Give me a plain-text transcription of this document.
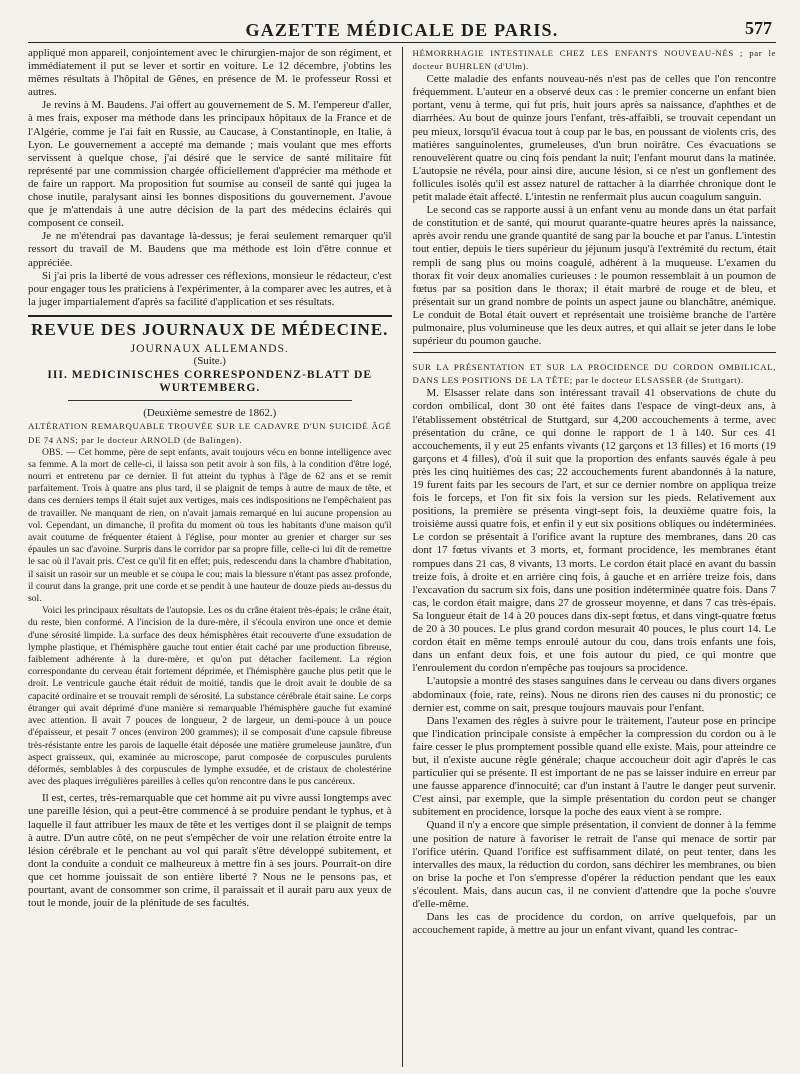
GAZETTE MÉDICALE DE PARIS.	577

appliqué mon appareil, conjointement avec le chirurgien-major de son régiment, et immédiatement il put se lever et sortir en voiture. Le 12 décembre, j'obtins les mêmes résultats à l'hôpital de Gênes, en présence de M. le professeur Rossi et autres.

Je revins à M. Baudens. J'ai offert au gouvernement de S. M. l'empereur d'aller, à mes frais, exposer ma méthode dans les principaux hôpitaux de la France et de l'Algérie, comme je l'ai fait en Russie, au Caucase, à Constantinople, en Italie, à Lyon. Le gouvernement a accepté ma demande ; mais voulant que mes efforts servissent à quelque chose, j'ai désiré que le service de santé militaire fût représenté par une commission chargée officiellement d'apprécier ma méthode et de faire un rapport. Ma proposition fut soumise au conseil de santé qui jugea la chose inutile, paralysant ainsi les bonnes dispositions du gouvernement. J'avoue que je m'attendais à une autre décision de la part des médecins éclairés qui composent ce conseil.

Je ne m'étendrai pas davantage là-dessus; je ferai seulement remarquer qu'il ressort du travail de M. Baudens que ma méthode est loin d'être connue et appréciée.

Si j'ai pris la liberté de vous adresser ces réflexions, monsieur le rédacteur, c'est pour engager tous les praticiens à l'expérimenter, à la comparer avec les autres, et à la juger impartialement d'après sa facilité d'application et ses résultats.

REVUE DES JOURNAUX DE MÉDECINE.

JOURNAUX ALLEMANDS.

(Suite.)

III. MEDICINISCHES CORRESPONDENZ-BLATT DE WURTEMBERG.

(Deuxième semestre de 1862.)

ALTÉRATION REMARQUABLE TROUVÉE SUR LE CADAVRE D'UN SUICIDÉ ÂGÉ DE 74 ANS; par le docteur ARNOLD (de Balingen).

OBS. — Cet homme, père de sept enfants, avait toujours vécu en bonne intelligence avec sa femme. A la mort de celle-ci, il laissa son petit avoir à son fils, à la condition d'être logé, nourri et entretenu par ce dernier. Il fut atteint du typhus à l'âge de 62 ans et se remit parfaitement. Trois à quatre ans plus tard, il se plaignit de temps à autre de maux de tête, et dans ces derniers temps il était sujet aux vertiges, mais ces indispositions ne l'empêchaient pas de travailler. Ne manquant de rien, on n'avait jamais remarqué en lui aucune propension au vol. Cependant, un dimanche, il profita du moment où tous les habitants d'une maison qu'il avait coutume de fréquenter étaient à l'église, pour monter au grenier et charger sur ses épaules un sac d'avoine. Surpris dans le corridor par sa propre fille, celle-ci lui dit de remettre le sac où il l'avait pris. C'est ce qu'il fit en effet; puis, redescendu dans la chambre d'habitation, il saisit un rasoir sur un meuble et se coupa le cou; mais la blessure n'étant pas assez profonde, il courut dans la grange, prit une corde et se pendit à une hauteur de douze pieds au-dessus du sol.

Voici les principaux résultats de l'autopsie. Les os du crâne étaient très-épais; le crâne était, du reste, bien conformé. A l'incision de la dure-mère, il s'écoula environ une once et demie d'une sérosité limpide. La surface des deux hémisphères était recouverte d'une exsudation de lymphe plastique, et l'hémisphère gauche tout entier était caché par une production fibreuse, faiblement adhérente à la dure-mère, et qu'on put détacher facilement. La région correspondante du cerveau était fortement déprimée, et l'hémisphère gauche plus petit que le droit. Le ventricule gauche était réduit de moitié, tandis que le droit avait le double de sa capacité ordinaire et se trouvait rempli de sérosité. La substance cérébrale était saine. Le corps étranger qui avait déprimé d'une manière si remarquable l'hémisphère gauche fut examiné avec attention. Il avait 7 pouces de longueur, 2 de largeur, un demi-pouce à un pouce d'épaisseur, et pesait 7 onces (environ 200 grammes); il se composait d'une capsule fibreuse très-résistante entre les parois de laquelle était déposée une matière grumeleuse jaunâtre, d'un aspect graisseux, qui, examinée au microscope, parut composée de corpuscules purulents déformés, semblables à des corpuscules de lymphe exsudée, et de cristaux de cholestérine avec des plaques irrégulières pareilles à celles qu'on rencontre dans le pus cancéreux.

Il est, certes, très-remarquable que cet homme ait pu vivre aussi longtemps avec une pareille lésion, qui a peut-être commencé à se produire pendant le typhus, et à laquelle il faut attribuer les maux de tête et les vertiges dont il se plaignit de temps à autre. D'un autre côté, on ne peut s'empêcher de voir une relation étroite entre la lésion cérébrale et le penchant au vol qui paraît s'être développé subitement, et dont la conduite a conduit ce malheureux à mettre fin à ses jours. Pourrait-on dire que cet homme jouissait de son entière liberté ? Nous ne le pensons pas, et pourtant, avant de consommer son crime, il paraissait et il aurait paru aux yeux de tout le monde, jouir de la plénitude de ses facultés.

HÉMORRHAGIE INTESTINALE CHEZ LES ENFANTS NOUVEAU-NÉS ; par le docteur BUHRLEN (d'Ulm).

Cette maladie des enfants nouveau-nés n'est pas de celles que l'on rencontre fréquemment. L'auteur en a observé deux cas : le premier concerne un enfant bien portant, venu à terme, qui fut pris, huit jours après sa naissance, d'aphthes et de diarrhées. Au bout de quinze jours l'enfant, très-affaibli, se trouvait cependant un peu mieux, lorsqu'il évacua tout à coup par le bas, en poussant de violents cris, des matières sanguinolentes, grumeleuses, d'un brun noirâtre. Ces évacuations se renouvelèrent quatre ou cinq fois pendant la nuit; l'enfant mourut dans la matinée. L'autopsie ne révéla, pour ainsi dire, aucune lésion, si ce n'est un gonflement des follicules isolés qu'il est assez naturel de rattacher à la diarrhée chronique dont le petit malade était affecté. L'intestin ne renfermait plus aucun coagulum sanguin.

Le second cas se rapporte aussi à un enfant venu au monde dans un état parfait de constitution et de santé, qui mourut quarante-quatre heures après la naissance, après avoir rendu une grande quantité de sang par la bouche et par l'anus. L'intestin tout entier, depuis le tiers supérieur du jéjunum jusqu'à l'extrémité du rectum, était rempli de sang plus ou moins coagulé, adhérent à la muqueuse. L'examen du thorax fit voir deux anomalies curieuses : le poumon ressemblait à un poumon de fœtus par sa position dans le thorax; il était marbré de rouge et de bleu, et présentait sur un grand nombre de points un aspect jaune ou blanchâtre, anémique. Le conduit de Botal était ouvert et représentait une troisième branche de l'artère pulmonaire, plus volumineuse que les deux autres, et qui allait se jeter dans le lobe supérieur du poumon gauche.

SUR LA PRÉSENTATION ET SUR LA PROCIDENCE DU CORDON OMBILICAL, DANS LES POSITIONS DE LA TÊTE; par le docteur ELSASSER (de Stuttgart).

M. Elsasser relate dans son intéressant travail 41 observations de chute du cordon ombilical, dont 30 ont été faites dans l'espace de vingt-deux ans, à l'établissement obstétrical de Stuttgard, sur 4,200 accouchements à terme, avec présentation du crâne, ce qui donne le rapport de 1 à 140. Sur ces 41 accouchements, il y eut 25 enfants vivants (12 garçons et 13 filles) et 16 morts (19 garçons et 4 filles), d'où il suit que la proportion des enfants sauvés égale à peu près les cinq huitièmes des cas; 22 accouchements furent abandonnés à la nature, 19 furent faits par les secours de l'art, et sur ce dernier nombre on appliqua treize fois le forceps, et l'on fit six fois la version sur les pieds. Relativement aux positions, la première se présenta vingt-sept fois, la deuxième quatre fois, la troisième aussi quatre fois, et enfin il y eut six positions obliques ou indéterminées. Le cordon se présentait à l'orifice avant la rupture des membranes, dans 20 cas dont 17 fœtus vivants et 3 morts, et, formant procidence, les membranes étant rompues dans 21 cas, 8 vivants, 13 morts. Le cordon était placé en avant du bassin treize fois, à droite et en arrière cinq fois, à gauche et en arrière treize fois, dans l'excavation du sacrum six fois, dans une position indéterminée quatre fois. Dans 7 cas, le cordon était maigre, dans 27 de grosseur moyenne, et dans 7 cas très-épais. Sa longueur était de 14 à 20 pouces dans dix-sept fœtus, et dans vingt-quatre fœtus de 20 à 30 pouces. Le plus grand cordon mesurait 40 pouces, le plus court 14. Le cordon était en même temps enroulé autour du cou, dans trois enfants une fois, dans un enfant deux fois, et une fois autour du pied, ce qui montre que l'enroulement du cordon n'empêche pas toujours sa procidence.

L'autopsie a montré des stases sanguines dans le cerveau ou dans divers organes abdominaux (foie, rate, reins). Nous ne dirons rien des causes ni du pronostic; ce dernier est, comme on sait, presque toujours mauvais pour l'enfant.

Dans l'examen des règles à suivre pour le traitement, l'auteur pose en principe que l'indication principale consiste à empêcher la compression du cordon ou à le faire cesser le plus promptement possible quand elle existe. Mais, pour atteindre ce but, il n'existe aucune règle générale; chaque accoucheur doit agir d'après le cas particulier qui se présente. Il est important de ne pas se laisser induire en erreur par une fausse apparence d'innocuité; car d'un instant à l'autre le danger peut survenir. C'est ainsi, par exemple, que la simple présentation du cordon peut se changer subitement en procidence, lorsque la poche des eaux vient à se rompre.

Quand il n'y a encore que simple présentation, il convient de donner à la femme une position de nature à favoriser le retrait de l'anse qui menace de sortir par l'orifice utérin. Quand l'orifice est suffisamment dilaté, on peut tenter, dans les intervalles des maux, la réduction du cordon, sans déchirer les membranes, ou bien on brise la poche et l'on s'empresse d'opérer la réduction pendant que les eaux s'écoulent. Mais, dans aucun cas, il ne convient d'attendre que la poche s'ouvre d'elle-même.

Dans les cas de procidence du cordon, on arrive quelquefois, par un accouchement rapide, à mettre au jour un enfant vivant, quand les contrac-
